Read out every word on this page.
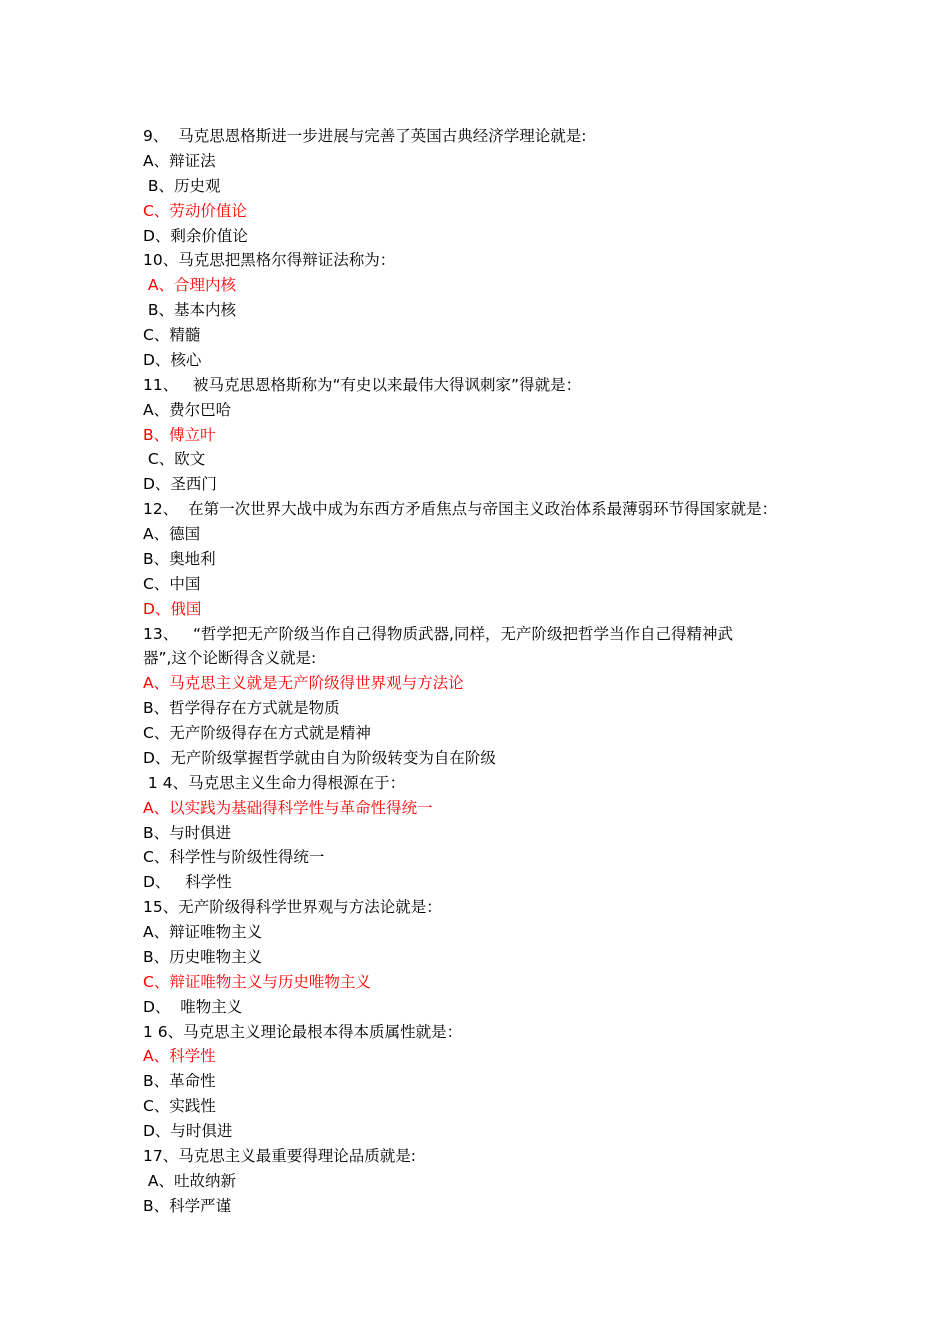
9、  马克思恩格斯进一步进展与完善了英国古典经济学理论就是:
A、辩证法
B、历史观
C、劳动价值论
D、剩余价值论
10、马克思把黑格尔得辩证法称为：
A、合理内核
B、基本内核
C、精髓
D、核心
11、   被马克思恩格斯称为“有史以来最伟大得讽刺家”得就是：
A、费尔巴哈
B、傅立叶
C、欧文
D、圣西门
12、  在第一次世界大战中成为东西方矛盾焦点与帝国主义政治体系最薄弱环节得国家就是：
A、德国
B、奥地利
C、中国
D、俄国
13、   “哲学把无产阶级当作自己得物质武器,同样，无产阶级把哲学当作自己得精神武
器”,这个论断得含义就是:
A、马克思主义就是无产阶级得世界观与方法论
B、哲学得存在方式就是物质
C、无产阶级得存在方式就是精神
D、无产阶级掌握哲学就由自为阶级转变为自在阶级
1 4、马克思主义生命力得根源在于：
A、以实践为基础得科学性与革命性得统一
B、与时俱进
C、科学性与阶级性得统一
D、   科学性
15、无产阶级得科学世界观与方法论就是：
A、辩证唯物主义
B、历史唯物主义
C、辩证唯物主义与历史唯物主义
D、  唯物主义
1 6、马克思主义理论最根本得本质属性就是：
A、科学性
B、革命性
C、实践性
D、与时俱进
17、马克思主义最重要得理论品质就是:
A、吐故纳新
B、科学严谨
